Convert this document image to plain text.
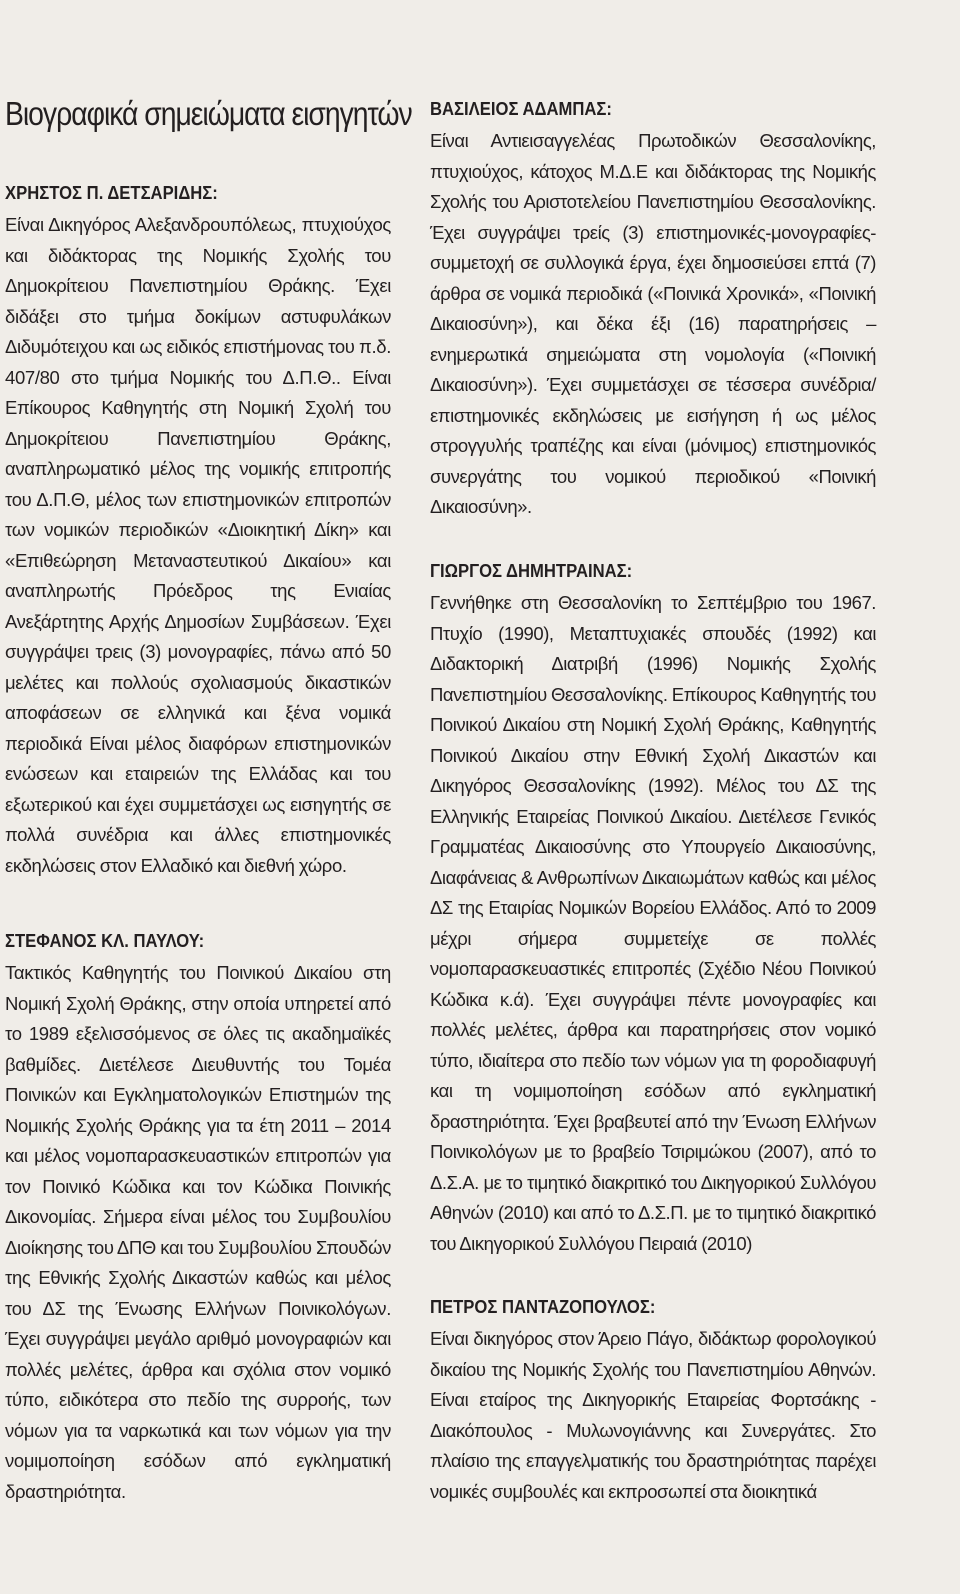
Βιογραφικά σημειώματα εισηγητών
ΧΡΗΣΤΟΣ Π. ΔΕΤΣΑΡΙΔΗΣ:

Είναι Δικηγόρος Αλεξανδρουπόλεως, πτυχιούχος και διδάκτορας της Νομικής Σχολής του Δημοκρίτειου Πανεπιστημίου Θράκης. Έχει διδάξει στο τμήμα δοκίμων αστυφυλάκων Διδυμότειχου και ως ειδικός επιστήμονας του π.δ. 407/80 στο τμήμα Νομικής του Δ.Π.Θ.. Είναι Επίκουρος Καθηγητής στη Νομική Σχολή του Δημοκρίτειου Πανεπιστημίου Θράκης, αναπληρωματικό μέλος της νομικής επιτροπής του Δ.Π.Θ, μέλος των επιστημονικών επιτροπών των νομικών περιοδικών «Διοικητική Δίκη» και «Επιθεώρηση Μεταναστευτικού Δικαίου» και αναπληρωτής Πρόεδρος της Ενιαίας Ανεξάρτητης Αρχής Δημοσίων Συμβάσεων. Έχει συγγράψει τρεις (3) μονογραφίες, πάνω από 50 μελέτες και πολλούς σχολιασμούς δικαστικών αποφάσεων σε ελληνικά και ξένα νομικά περιοδικά Είναι μέλος διαφόρων επιστημονικών ενώσεων και εταιρειών της Ελλάδας και του εξωτερικού και έχει συμμετάσχει ως εισηγητής σε πολλά συνέδρια και άλλες επιστημονικές εκδηλώσεις στον Ελλαδικό και διεθνή χώρο.

ΣΤΕΦΑΝΟΣ ΚΛ. ΠΑΥΛΟΥ:

Τακτικός Καθηγητής του Ποινικού Δικαίου στη Νομική Σχολή Θράκης, στην οποία υπηρετεί από το 1989 εξελισσόμενος σε όλες τις ακαδημαϊκές βαθμίδες. Διετέλεσε Διευθυντής του Τομέα Ποινικών και Εγκληματολογικών Επιστημών της Νομικής Σχολής Θράκης για τα έτη 2011 – 2014 και μέλος νομοπαρασκευαστικών επιτροπών για τον Ποινικό Κώδικα και τον Κώδικα Ποινικής Δικονομίας. Σήμερα είναι μέλος του Συμβουλίου Διοίκησης του ΔΠΘ και του Συμβουλίου Σπουδών της Εθνικής Σχολής Δικαστών καθώς και μέλος του ΔΣ της Ένωσης Ελλήνων Ποινικολόγων. Έχει συγγράψει μεγάλο αριθμό μονογραφιών και πολλές μελέτες, άρθρα και σχόλια στον νομικό τύπο, ειδικότερα στο πεδίο της συρροής, των νόμων για τα ναρκωτικά και των νόμων για την νομιμοποίηση εσόδων από εγκληματική δραστηριότητα.

ΒΑΣΙΛΕΙΟΣ ΑΔΑΜΠΑΣ:

Είναι Αντιεισαγγελέας Πρωτοδικών Θεσσαλονίκης, πτυχιούχος, κάτοχος Μ.Δ.Ε και διδάκτορας της Νομικής Σχολής του Αριστοτελείου Πανεπιστημίου Θεσσαλονίκης. Έχει συγγράψει τρείς (3) επιστημονικές-μονογραφίες-συμμετοχή σε συλλογικά έργα, έχει δημοσιεύσει επτά (7) άρθρα σε νομικά περιοδικά («Ποινικά Χρονικά», «Ποινική Δικαιοσύνη»), και δέκα έξι (16) παρατηρήσεις – ενημερωτικά σημειώματα στη νομολογία («Ποινική Δικαιοσύνη»). Έχει συμμετάσχει σε τέσσερα συνέδρια/επιστημονικές εκδηλώσεις με εισήγηση ή ως μέλος στρογγυλής τραπέζης και είναι (μόνιμος) επιστημονικός συνεργάτης του νομικού περιοδικού «Ποινική Δικαιοσύνη».

ΓΙΩΡΓΟΣ ΔΗΜΗΤΡΑΙΝΑΣ:

Γεννήθηκε στη Θεσσαλονίκη το Σεπτέμβριο του 1967. Πτυχίο (1990), Μεταπτυχιακές σπουδές (1992) και Διδακτορική Διατριβή (1996) Νομικής Σχολής Πανεπιστημίου Θεσσαλονίκης. Επίκουρος Καθηγητής του Ποινικού Δικαίου στη Νομική Σχολή Θράκης, Καθηγητής Ποινικού Δικαίου στην Εθνική Σχολή Δικαστών και Δικηγόρος Θεσσαλονίκης (1992). Μέλος του ΔΣ της Ελληνικής Εταιρείας Ποινικού Δικαίου. Διετέλεσε Γενικός Γραμματέας Δικαιοσύνης στο Υπουργείο Δικαιοσύνης, Διαφάνειας & Ανθρωπίνων Δικαιωμάτων καθώς και μέλος ΔΣ της Εταιρίας Νομικών Βορείου Ελλάδος. Από το 2009 μέχρι σήμερα συμμετείχε σε πολλές νομοπαρασκευαστικές επιτροπές (Σχέδιο Νέου Ποινικού Κώδικα κ.ά). Έχει συγγράψει πέντε μονογραφίες και πολλές μελέτες, άρθρα και παρατηρήσεις στον νομικό τύπο, ιδιαίτερα στο πεδίο των νόμων για τη φοροδιαφυγή και τη νομιμοποίηση εσόδων από εγκληματική δραστηριότητα. Έχει βραβευτεί από την Ένωση Ελλήνων Ποινικολόγων με το βραβείο Τσιριμώκου (2007), από το Δ.Σ.Α. με το τιμητικό διακριτικό του Δικηγορικού Συλλόγου Αθηνών (2010) και από το Δ.Σ.Π. με το τιμητικό διακριτικό του Δικηγορικού Συλλόγου Πειραιά (2010)

ΠΕΤΡΟΣ ΠΑΝΤΑΖΟΠΟΥΛΟΣ:

Είναι δικηγόρος στον Άρειο Πάγο, διδάκτωρ φορολογικού δικαίου της Νομικής Σχολής του Πανεπιστημίου Αθηνών. Είναι εταίρος της Δικηγορικής Εταιρείας Φορτσάκης - Διακόπουλος - Μυλωνογιάννης και Συνεργάτες. Στο πλαίσιο της επαγγελματικής του δραστηριότητας παρέχει νομικές συμβουλές και εκπροσωπεί στα διοικητικά
